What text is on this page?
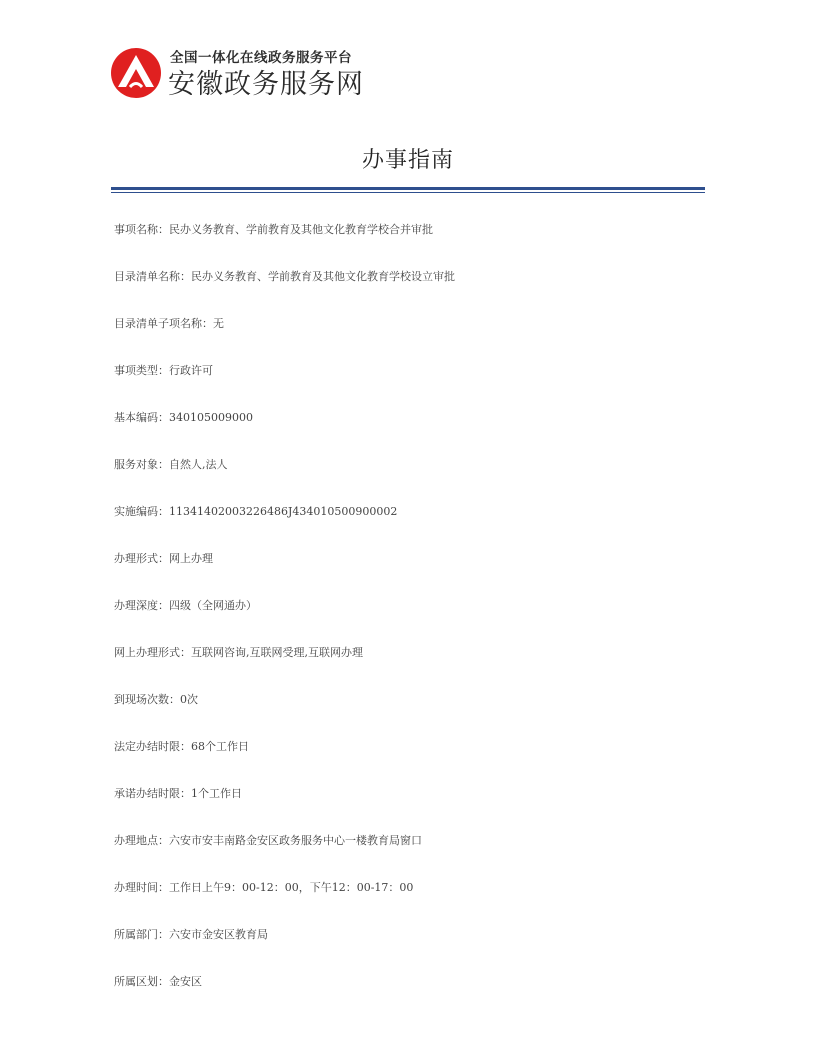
全国一体化在线政务服务平台
安徽政务服务网
办事指南
事项名称：民办义务教育、学前教育及其他文化教育学校合并审批
目录清单名称：民办义务教育、学前教育及其他文化教育学校设立审批
目录清单子项名称：无
事项类型：行政许可
基本编码：340105009000
服务对象：自然人,法人
实施编码：11341402003226486J434010500900002
办理形式：网上办理
办理深度：四级（全网通办）
网上办理形式：互联网咨询,互联网受理,互联网办理
到现场次数：0次
法定办结时限：68个工作日
承诺办结时限：1个工作日
办理地点：六安市安丰南路金安区政务服务中心一楼教育局窗口
办理时间：工作日上午9：00-12：00，下午12：00-17：00
所属部门：六安市金安区教育局
所属区划：金安区
